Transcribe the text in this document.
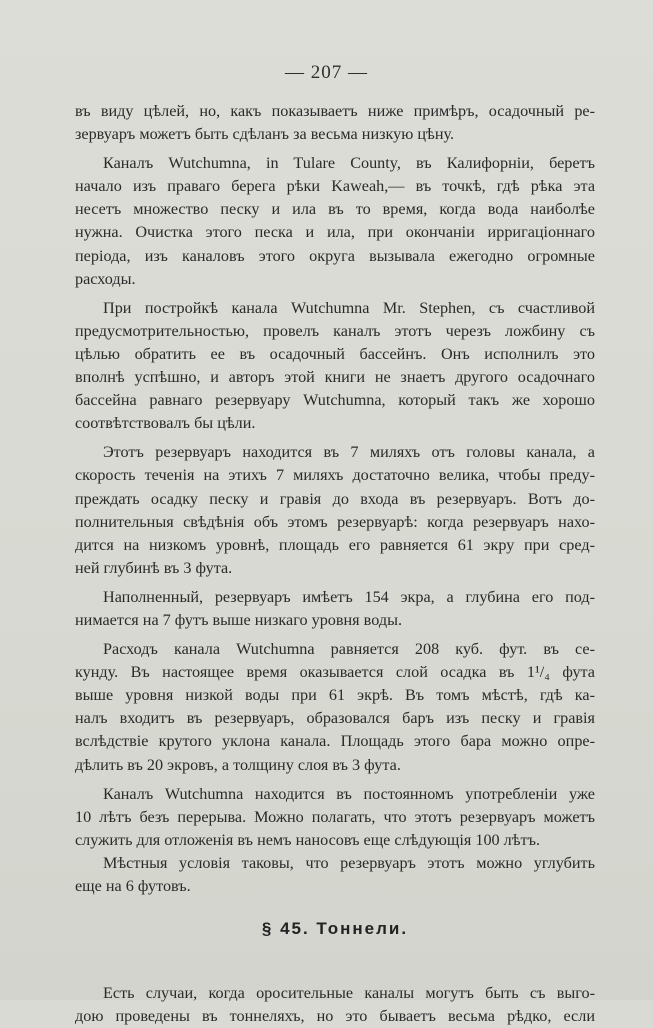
— 207 —
въ виду цѣлей, но, какъ показываетъ ниже примѣръ, осадочный ре-
зервуаръ можетъ быть сдѣланъ за весьма низкую цѣну.
Каналъ Wutchumna, in Tulare County, въ Калифорніи, беретъ
начало изъ праваго берега рѣки Kaweah,— въ точкѣ, гдѣ рѣка эта
несетъ множество песку и ила въ то время, когда вода наиболѣе
нужна. Очистка этого песка и ила, при окончаніи ирригаціоннаго
періода, изъ каналовъ этого округа вызывала ежегодно огромные
расходы.
При постройкѣ канала Wutchumna Mr. Stephen, съ счастливой
предусмотрительностью, провелъ каналъ этотъ черезъ ложбину съ
цѣлью обратить ее въ осадочный бассейнъ. Онъ исполнилъ это
вполнѣ успѣшно, и авторъ этой книги не знаетъ другого осадочнаго
бассейна равнаго резервуару Wutchumna, который такъ же хорошо
соотвѣтствовалъ бы цѣли.
Этотъ резервуаръ находится въ 7 миляхъ отъ головы канала, а
скорость теченія на этихъ 7 миляхъ достаточно велика, чтобы преду-
преждать осадку песку и гравія до входа въ резервуаръ. Вотъ до-
полнительныя свѣдѣнія объ этомъ резервуарѣ: когда резервуаръ нахо-
дится на низкомъ уровнѣ, площадь его равняется 61 экру при сред-
ней глубинѣ въ 3 фута.
Наполненный, резервуаръ имѣетъ 154 экра, а глубина его под-
нимается на 7 футъ выше низкаго уровня воды.
Расходъ канала Wutchumna равняется 208 куб. фут. въ се-
кунду. Въ настоящее время оказывается слой осадка въ 1¹/₄ фута
выше уровня низкой воды при 61 экрѣ. Въ томъ мѣстѣ, гдѣ ка-
налъ входитъ въ резервуаръ, образовался баръ изъ песку и гравія
вслѣдствіе крутого уклона канала. Площадь этого бара можно опре-
дѣлить въ 20 экровъ, а толщину слоя въ 3 фута.
Каналъ Wutchumna находится въ постоянномъ употребленіи уже
10 лѣтъ безъ перерыва. Можно полагать, что этотъ резервуаръ можетъ
служить для отложенія въ немъ наносовъ еще слѣдующія 100 лѣтъ.
Мѣстныя условія таковы, что резервуаръ этотъ можно углубить
еще на 6 футовъ.
§ 45. Тоннели.
Есть случаи, когда оросительные каналы могутъ быть съ выго-
дою проведены въ тоннеляхъ, но это бываетъ весьма рѣдко, если
